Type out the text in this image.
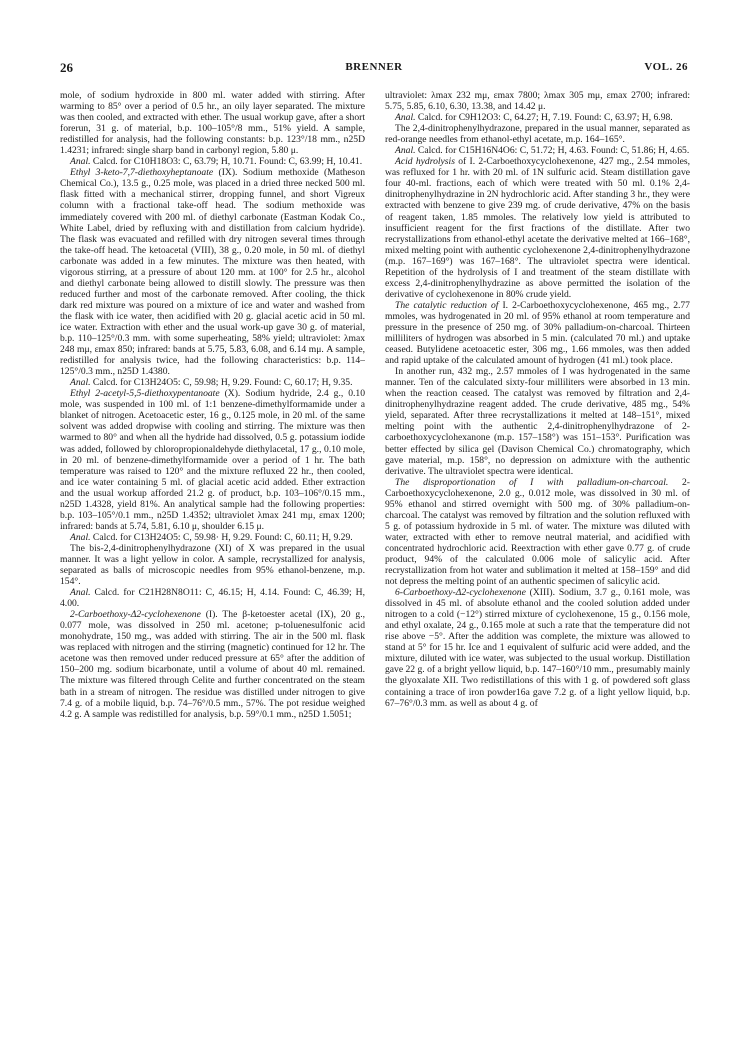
26	BRENNER	VOL. 26

mole, of sodium hydroxide in 800 ml. water added with stirring. After warming to 85° over a period of 0.5 hr., an oily layer separated. The mixture was then cooled, and extracted with ether. The usual workup gave, after a short forerun, 31 g. of material, b.p. 100–105°/8 mm., 51% yield. A sample, redistilled for analysis, had the following constants: b.p. 123°/18 mm., n25D 1.4231; infrared: single sharp band in carbonyl region, 5.80 μ.

Anal. Calcd. for C10H18O3: C, 63.79; H, 10.71. Found: C, 63.99; H, 10.41.

Ethyl 3-keto-7,7-diethoxyheptanoate (IX). Sodium methoxide (Matheson Chemical Co.), 13.5 g., 0.25 mole, was placed in a dried three necked 500 ml. flask fitted with a mechanical stirrer, dropping funnel, and short Vigreux column with a fractional take-off head. The sodium methoxide was immediately covered with 200 ml. of diethyl carbonate (Eastman Kodak Co., White Label, dried by refluxing with and distillation from calcium hydride). The flask was evacuated and refilled with dry nitrogen several times through the take-off head. The ketoacetal (VIII), 38 g., 0.20 mole, in 50 ml. of diethyl carbonate was added in a few minutes. The mixture was then heated, with vigorous stirring, at a pressure of about 120 mm. at 100° for 2.5 hr., alcohol and diethyl carbonate being allowed to distill slowly. The pressure was then reduced further and most of the carbonate removed. After cooling, the thick dark red mixture was poured on a mixture of ice and water and washed from the flask with ice water, then acidified with 20 g. glacial acetic acid in 50 ml. ice water. Extraction with ether and the usual work-up gave 30 g. of material, b.p. 110–125°/0.3 mm. with some superheating, 58% yield; ultraviolet: λmax 248 mμ, εmax 850; infrared: bands at 5.75, 5.83, 6.08, and 6.14 mμ. A sample, redistilled for analysis twice, had the following characteristics: b.p. 114–125°/0.3 mm., n25D 1.4380.

Anal. Calcd. for C13H24O5: C, 59.98; H, 9.29. Found: C, 60.17; H, 9.35.

Ethyl 2-acetyl-5,5-diethoxypentanoate (X). Sodium hydride, 2.4 g., 0.10 mole, was suspended in 100 ml. of 1:1 benzene-dimethylformamide under a blanket of nitrogen. Acetoacetic ester, 16 g., 0.125 mole, in 20 ml. of the same solvent was added dropwise with cooling and stirring. The mixture was then warmed to 80° and when all the hydride had dissolved, 0.5 g. potassium iodide was added, followed by chloropropionaldehyde diethylacetal, 17 g., 0.10 mole, in 20 ml. of benzene-dimethylformamide over a period of 1 hr. The bath temperature was raised to 120° and the mixture refluxed 22 hr., then cooled, and ice water containing 5 ml. of glacial acetic acid added. Ether extraction and the usual workup afforded 21.2 g. of product, b.p. 103–106°/0.15 mm., n25D 1.4328, yield 81%. An analytical sample had the following properties: b.p. 103–105°/0.1 mm., n25D 1.4352; ultraviolet λmax 241 mμ, εmax 1200; infrared: bands at 5.74, 5.81, 6.10 μ, shoulder 6.15 μ.

Anal. Calcd. for C13H24O5: C, 59.98· H, 9.29. Found: C, 60.11; H, 9.29.

The bis-2,4-dinitrophenylhydrazone (XI) of X was prepared in the usual manner. It was a light yellow in color. A sample, recrystallized for analysis, separated as balls of microscopic needles from 95% ethanol-benzene, m.p. 154°.

Anal. Calcd. for C21H28N8O11: C, 46.15; H, 4.14. Found: C, 46.39; H, 4.00.

2-Carboethoxy-Δ2-cyclohexenone (I). The β-ketoester acetal (IX), 20 g., 0.077 mole, was dissolved in 250 ml. acetone; p-toluenesulfonic acid monohydrate, 150 mg., was added with stirring. The air in the 500 ml. flask was replaced with nitrogen and the stirring (magnetic) continued for 12 hr. The acetone was then removed under reduced pressure at 65° after the addition of 150–200 mg. sodium bicarbonate, until a volume of about 40 ml. remained. The mixture was filtered through Celite and further concentrated on the steam bath in a stream of nitrogen. The residue was distilled under nitrogen to give 7.4 g. of a mobile liquid, b.p. 74–76°/0.5 mm., 57%. The pot residue weighed 4.2 g. A sample was redistilled for analysis, b.p. 59°/0.1 mm., n25D 1.5051;

ultraviolet: λmax 232 mμ, εmax 7800; λmax 305 mμ, εmax 2700; infrared: 5.75, 5.85, 6.10, 6.30, 13.38, and 14.42 μ.

Anal. Calcd. for C9H12O3: C, 64.27; H, 7.19. Found: C, 63.97; H, 6.98.

The 2,4-dinitrophenylhydrazone, prepared in the usual manner, separated as red-orange needles from ethanol-ethyl acetate, m.p. 164–165°.

Anal. Calcd. for C15H16N4O6: C, 51.72; H, 4.63. Found: C, 51.86; H, 4.65.

Acid hydrolysis of I. 2-Carboethoxycyclohexenone, 427 mg., 2.54 mmoles, was refluxed for 1 hr. with 20 ml. of 1N sulfuric acid. Steam distillation gave four 40-ml. fractions, each of which were treated with 50 ml. 0.1% 2,4-dinitrophenylhydrazine in 2N hydrochloric acid. After standing 3 hr., they were extracted with benzene to give 239 mg. of crude derivative, 47% on the basis of reagent taken, 1.85 mmoles. The relatively low yield is attributed to insufficient reagent for the first fractions of the distillate. After two recrystallizations from ethanol-ethyl acetate the derivative melted at 166–168°, mixed melting point with authentic cyclohexenone 2,4-dinitrophenylhydrazone (m.p. 167–169°) was 167–168°. The ultraviolet spectra were identical. Repetition of the hydrolysis of I and treatment of the steam distillate with excess 2,4-dinitrophenylhydrazine as above permitted the isolation of the derivative of cyclohexenone in 80% crude yield.

The catalytic reduction of I. 2-Carboethoxycyclohexenone, 465 mg., 2.77 mmoles, was hydrogenated in 20 ml. of 95% ethanol at room temperature and pressure in the presence of 250 mg. of 30% palladium-on-charcoal. Thirteen milliliters of hydrogen was absorbed in 5 min. (calculated 70 ml.) and uptake ceased. Butylidene acetoacetic ester, 306 mg., 1.66 mmoles, was then added and rapid uptake of the calculated amount of hydrogen (41 ml.) took place.

In another run, 432 mg., 2.57 mmoles of I was hydrogenated in the same manner. Ten of the calculated sixty-four milliliters were absorbed in 13 min. when the reaction ceased. The catalyst was removed by filtration and 2,4-dinitrophenylhydrazine reagent added. The crude derivative, 485 mg., 54% yield, separated. After three recrystallizations it melted at 148–151°, mixed melting point with the authentic 2,4-dinitrophenylhydrazone of 2-carboethoxycyclohexanone (m.p. 157–158°) was 151–153°. Purification was better effected by silica gel (Davison Chemical Co.) chromatography, which gave material, m.p. 158°, no depression on admixture with the authentic derivative. The ultraviolet spectra were identical.

The disproportionation of I with palladium-on-charcoal. 2-Carboethoxycyclohexenone, 2.0 g., 0.012 mole, was dissolved in 30 ml. of 95% ethanol and stirred overnight with 500 mg. of 30% palladium-on-charcoal. The catalyst was removed by filtration and the solution refluxed with 5 g. of potassium hydroxide in 5 ml. of water. The mixture was diluted with water, extracted with ether to remove neutral material, and acidified with concentrated hydrochloric acid. Reextraction with ether gave 0.77 g. of crude product, 94% of the calculated 0.006 mole of salicylic acid. After recrystallization from hot water and sublimation it melted at 158–159° and did not depress the melting point of an authentic specimen of salicylic acid.

6-Carboethoxy-Δ2-cyclohexenone (XIII). Sodium, 3.7 g., 0.161 mole, was dissolved in 45 ml. of absolute ethanol and the cooled solution added under nitrogen to a cold (−12°) stirred mixture of cyclohexenone, 15 g., 0.156 mole, and ethyl oxalate, 24 g., 0.165 mole at such a rate that the temperature did not rise above −5°. After the addition was complete, the mixture was allowed to stand at 5° for 15 hr. Ice and 1 equivalent of sulfuric acid were added, and the mixture, diluted with ice water, was subjected to the usual workup. Distillation gave 22 g. of a bright yellow liquid, b.p. 147–160°/10 mm., presumably mainly the glyoxalate XII. Two redistillations of this with 1 g. of powdered soft glass containing a trace of iron powder16a gave 7.2 g. of a light yellow liquid, b.p. 67–76°/0.3 mm. as well as about 4 g. of
